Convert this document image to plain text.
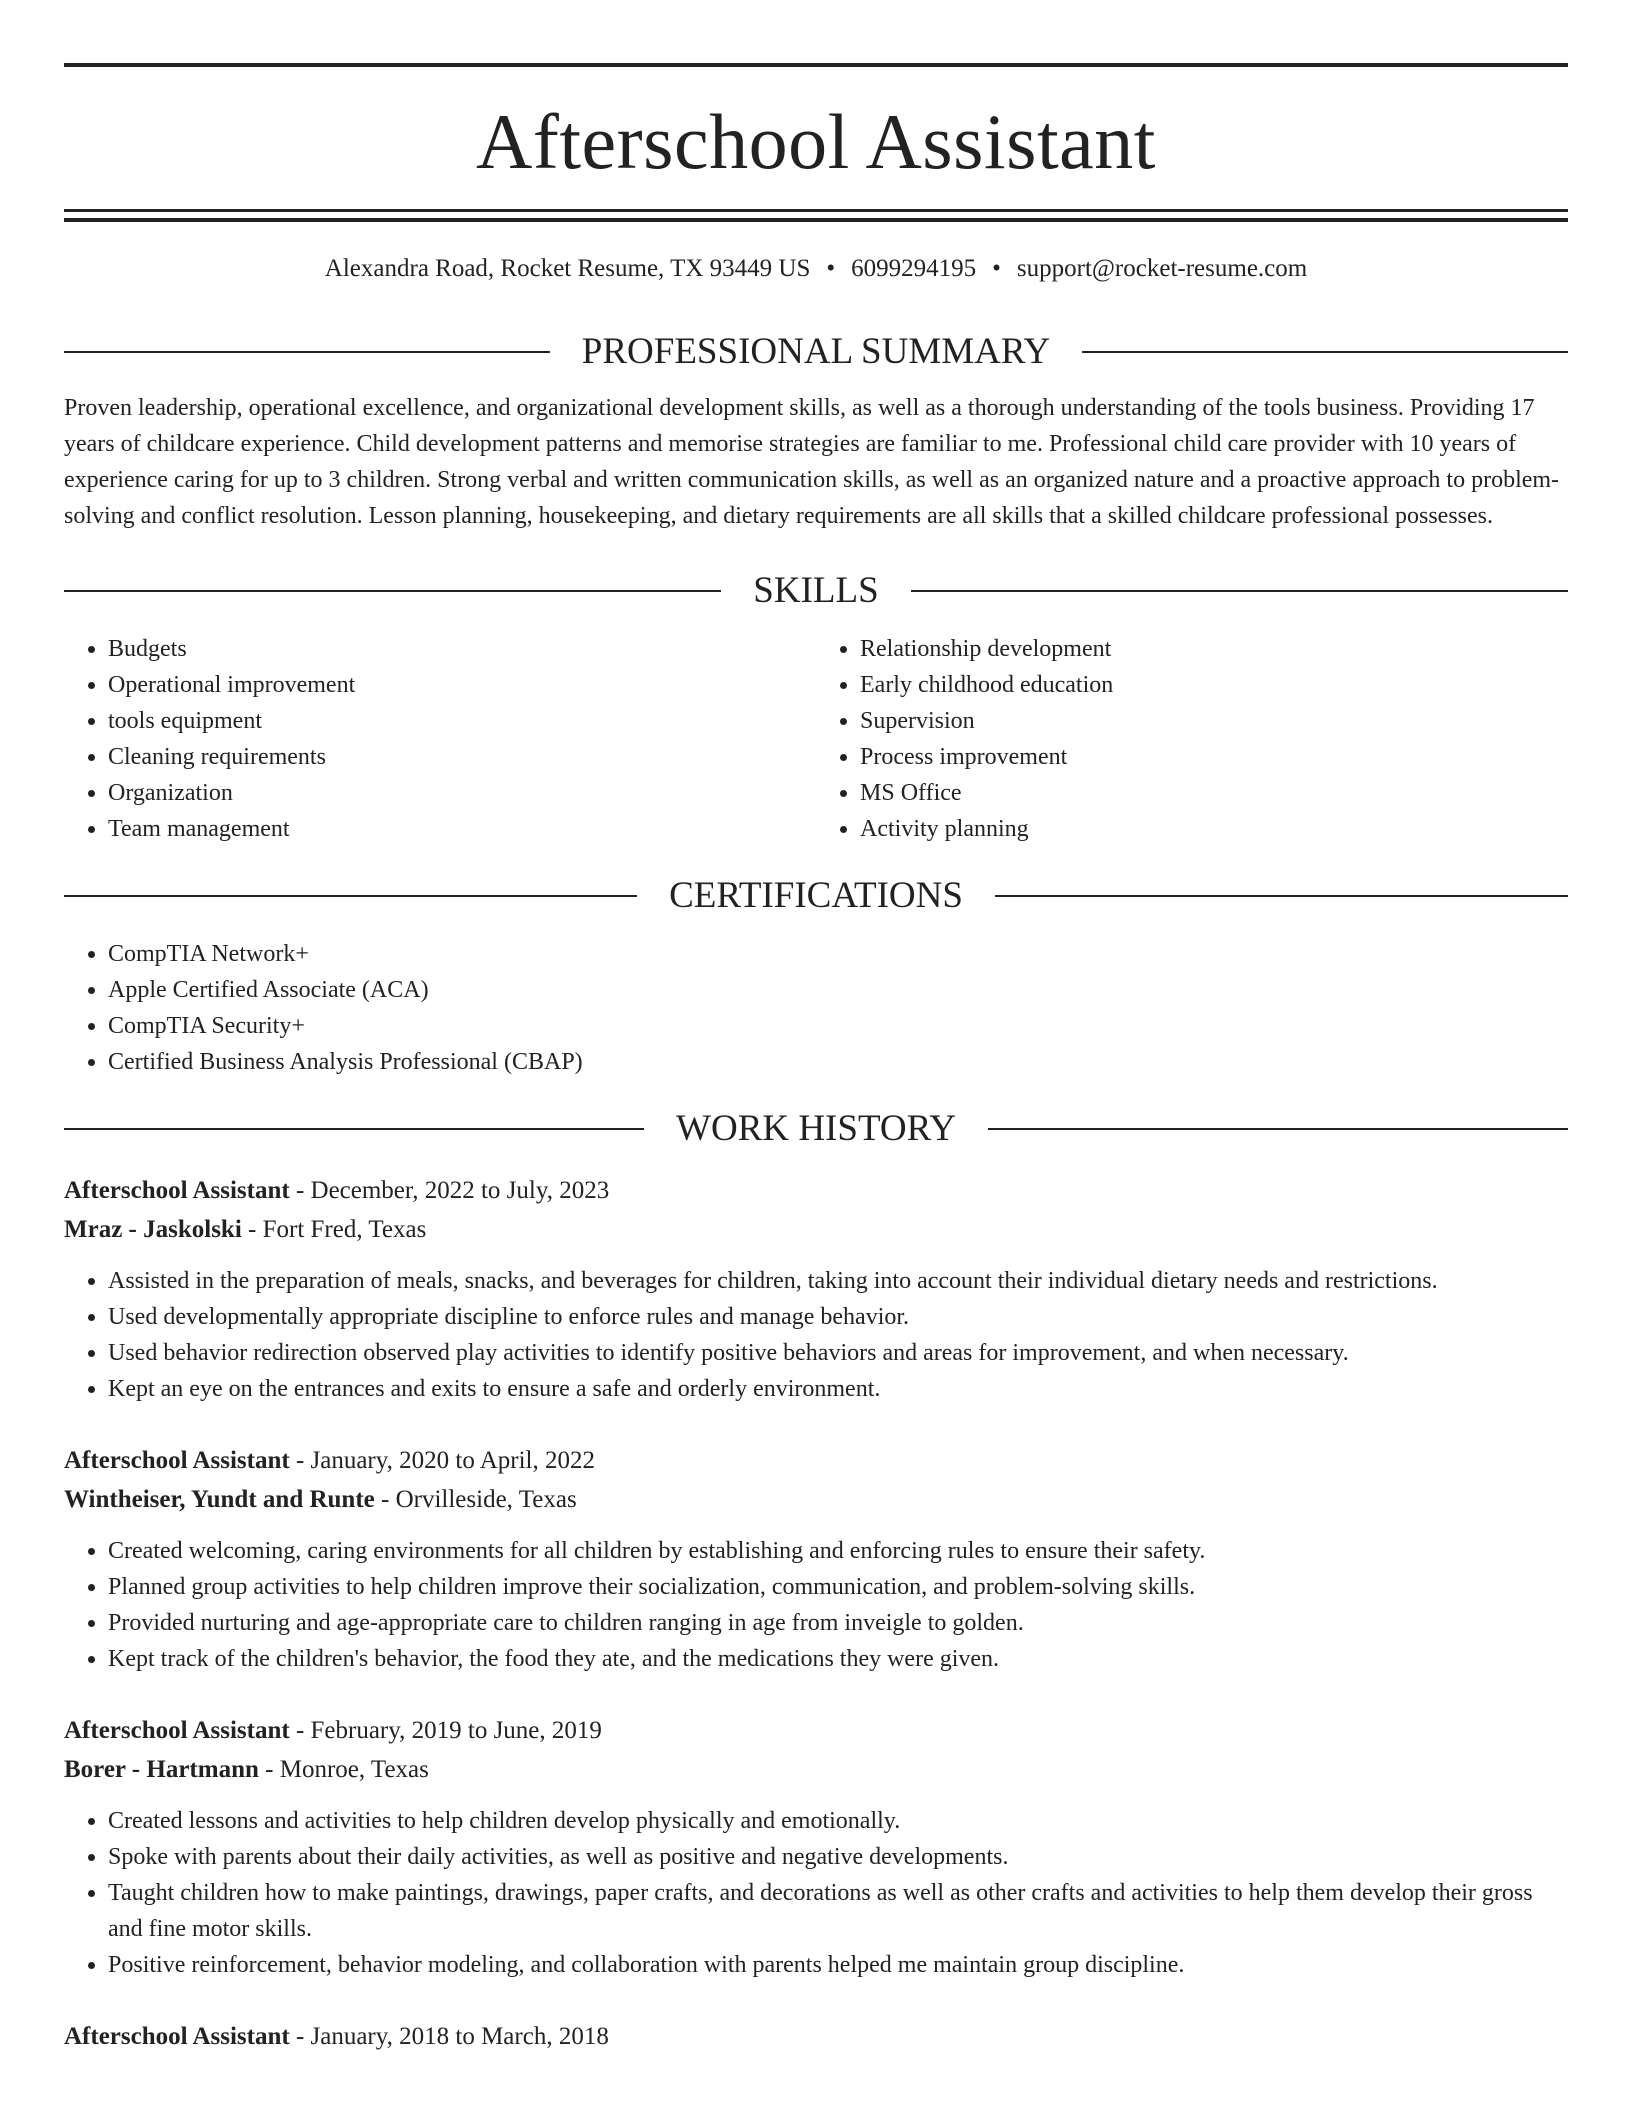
Afterschool Assistant
Alexandra Road, Rocket Resume, TX 93449 US • 6099294195 • support@rocket-resume.com
PROFESSIONAL SUMMARY
Proven leadership, operational excellence, and organizational development skills, as well as a thorough understanding of the tools business. Providing 17 years of childcare experience. Child development patterns and memorise strategies are familiar to me. Professional child care provider with 10 years of experience caring for up to 3 children. Strong verbal and written communication skills, as well as an organized nature and a proactive approach to problem-solving and conflict resolution. Lesson planning, housekeeping, and dietary requirements are all skills that a skilled childcare professional possesses.
SKILLS
• Budgets
• Operational improvement
• tools equipment
• Cleaning requirements
• Organization
• Team management
• Relationship development
• Early childhood education
• Supervision
• Process improvement
• MS Office
• Activity planning
CERTIFICATIONS
• CompTIA Network+
• Apple Certified Associate (ACA)
• CompTIA Security+
• Certified Business Analysis Professional (CBAP)
WORK HISTORY
Afterschool Assistant - December, 2022 to July, 2023
Mraz - Jaskolski - Fort Fred, Texas
• Assisted in the preparation of meals, snacks, and beverages for children, taking into account their individual dietary needs and restrictions.
• Used developmentally appropriate discipline to enforce rules and manage behavior.
• Used behavior redirection observed play activities to identify positive behaviors and areas for improvement, and when necessary.
• Kept an eye on the entrances and exits to ensure a safe and orderly environment.
Afterschool Assistant - January, 2020 to April, 2022
Wintheiser, Yundt and Runte - Orvilleside, Texas
• Created welcoming, caring environments for all children by establishing and enforcing rules to ensure their safety.
• Planned group activities to help children improve their socialization, communication, and problem-solving skills.
• Provided nurturing and age-appropriate care to children ranging in age from inveigle to golden.
• Kept track of the children's behavior, the food they ate, and the medications they were given.
Afterschool Assistant - February, 2019 to June, 2019
Borer - Hartmann - Monroe, Texas
• Created lessons and activities to help children develop physically and emotionally.
• Spoke with parents about their daily activities, as well as positive and negative developments.
• Taught children how to make paintings, drawings, paper crafts, and decorations as well as other crafts and activities to help them develop their gross and fine motor skills.
• Positive reinforcement, behavior modeling, and collaboration with parents helped me maintain group discipline.
Afterschool Assistant - January, 2018 to March, 2018
